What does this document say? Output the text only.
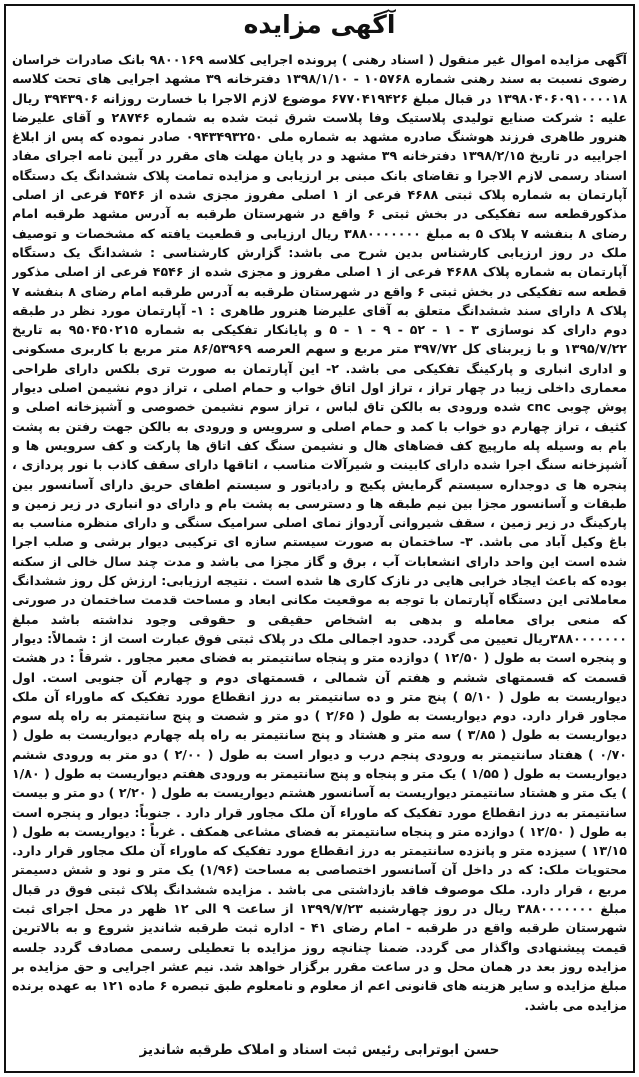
آگهی مزایده

آگهی مزایده اموال غیر منقول ( اسناد رهنی ) پرونده اجرایی کلاسه ۹۸۰۰۱۶۹ بانک صادرات خراسان رضوی نسبت به سند رهنی شماره ۱۰۵۷۶۸ - ۱۳۹۸/۱/۱۰ دفترخانه ۳۹ مشهد اجرایی های تحت کلاسه ۱۳۹۸۰۴۰۶۰۹۱۰۰۰۰۱۸ در قبال مبلغ ۶۷۷۰۴۱۹۴۲۶ موضوع لازم الاجرا با خسارت روزانه ۳۹۴۳۹۰۶ ریال علیه : شرکت صنایع تولیدی پلاستیک وفا پلاست شرق ثبت شده به شماره ۲۸۷۴۶ و آقای علیرضا هنرور طاهری فرزند هوشنگ صادره مشهد به شماره ملی ۰۹۴۳۴۹۳۲۵۰ صادر نموده که پس از ابلاغ اجراییه در تاریخ ۱۳۹۸/۲/۱۵ دفترخانه ۳۹ مشهد و در پایان مهلت های مقرر در آیین نامه اجرای مفاد اسناد رسمی لازم الاجرا و تقاضای بانک مبنی بر ارزیابی و مزایده تمامت پلاک ششدانگ یک دستگاه آپارتمان به شماره پلاک ثبتی ۴۶۸۸ فرعی از ۱ اصلی مفروز مجزی شده از ۴۵۴۶ فرعی از اصلی مذکورقطعه سه تفکیکی در بخش ثبتی ۶ واقع در شهرستان طرقبه به آدرس مشهد طرقبه امام رضای ۸ بنفشه ۷ پلاک ۵ به مبلغ ۳۸۸۰۰۰۰۰۰۰ ریال ارزیابی و قطعیت یافته که مشخصات و توصیف ملک در روز ارزیابی کارشناس بدین شرح می باشد: گزارش کارشناسی : ششدانگ یک دستگاه آپارتمان به شماره پلاک ۴۶۸۸ فرعی از ۱ اصلی مفروز و مجزی شده از ۴۵۴۶ فرعی از اصلی مذکور قطعه سه تفکیکی در بخش ثبتی ۶ واقع در شهرستان طرقبه به آدرس طرقبه امام رضای ۸ بنفشه ۷ پلاک ۸ دارای سند ششدانگ متعلق به آقای علیرضا هنرور طاهری : ۱- آپارتمان مورد نظر در طبقه دوم دارای کد نوسازی ۳ - ۱ - ۵۲ - ۹ - ۱ - ۵ و پایانکار تفکیکی به شماره ۹۵۰۴۵۰۲۱۵ به تاریخ ۱۳۹۵/۷/۲۲ و با زیربنای کل ۳۹۷/۷۲ متر مربع و سهم العرصه ۸۶/۵۳۹۶۹ متر مربع با کاربری مسکونی و اداری انباری و پارکینگ تفکیکی می باشد. ۲- این آپارتمان به صورت تری بلکس دارای طراحی معماری داخلی زیبا در چهار تراز ، تراز اول اتاق خواب و حمام اصلی ، تراز دوم نشیمن اصلی دیوار پوش چوبی cnc شده ورودی به بالکن تاق لباس ، تراز سوم نشیمن خصوصی و آشپزخانه اصلی و کثیف ، تراز چهارم دو خواب با کمد و حمام اصلی و سرویس و ورودی به بالکن جهت رفتن به پشت بام به وسیله پله مارپیچ کف فضاهای هال و نشیمن سنگ کف اتاق ها پارکت و کف سرویس ها و آشپزخانه سنگ اجرا شده دارای کابینت و شیرآلات مناسب ، اتاقها دارای سقف کاذب با نور پردازی ، پنجره ها ی دوجداره سیستم گرمایش پکیج و رادیاتور و سیستم اطفای حریق دارای آسانسور بین طبقات و آسانسور مجزا بین نیم طبقه ها و دسترسی به پشت بام و دارای دو انباری در زیر زمین و پارکینگ در زیر زمین ، سقف شیروانی آردواز نمای اصلی سرامیک سنگی و دارای منظره مناسب به باغ وکیل آباد می باشد. ۳- ساختمان به صورت سیستم سازه ای ترکیبی دیوار برشی و صلب اجرا شده است این واحد دارای انشعابات آب ، برق و گاز مجزا می باشد و مدت چند سال خالی از سکنه بوده که باعث ایجاد خرابی هایی در نازک کاری ها شده است . نتیجه ارزیابی: ارزش کل روز ششدانگ معاملاتی این دستگاه آپارتمان با توجه به موقعیت مکانی ابعاد و مساحت قدمت ساختمان در صورتی که منعی برای معامله و بدهی به اشخاص حقیقی و حقوقی وجود نداشته باشد مبلغ ۳۸۸۰۰۰۰۰۰۰ریال تعیین می گردد. حدود اجمالی ملک در پلاک ثبتی فوق عبارت است از : شمالاً: دیوار و پنجره است به طول ( ۱۲/۵۰ ) دوازده متر و پنجاه سانتیمتر به فضای معبر مجاور . شرقاً : در هشت قسمت که قسمتهای ششم و هفتم آن شمالی ، قسمتهای دوم و چهارم آن جنوبی است. اول دیواریست به طول ( ۵/۱۰ ) پنج متر و ده سانتیمتر به درز انقطاع مورد تفکیک که ماوراء آن ملک مجاور قرار دارد. دوم دیواریست به طول ( ۲/۶۵ ) دو متر و شصت و پنج سانتیمتر به راه پله سوم دیواریست به طول ( ۳/۸۵ ) سه متر و هشتاد و پنج سانتیمتر به راه پله چهارم دیواریست به طول ( ۰/۷۰ ) هفتاد سانتیمتر به ورودی پنجم درب و دیوار است به طول ( ۲/۰۰ ) دو متر به ورودی ششم دیواریست به طول ( ۱/۵۵ ) یک متر و پنجاه و پنج سانتیمتر به ورودی هفتم دیواریست به طول ( ۱/۸۰ ) یک متر و هشتاد سانتیمتر دیواریست به آسانسور هشتم دیواریست به طول ( ۲/۲۰ ) دو متر و بیست سانتیمتر به درز انقطاع مورد تفکیک که ماوراء آن ملک مجاور قرار دارد . جنوباً: دیوار و پنجره است به طول ( ۱۲/۵۰ ) دوازده متر و پنجاه سانتیمتر به فضای مشاعی همکف . غرباً : دیواریست به طول ( ۱۳/۱۵ ) سیزده متر و پانزده سانتیمتر به درز انقطاع مورد تفکیک که ماوراء آن ملک مجاور قرار دارد. محتویات ملک: که در داخل آن آسانسور اختصاصی به مساحت (۱/۹۶) یک متر و نود و شش دسیمتر مربع ، قرار دارد. ملک موصوف فاقد بازداشتی می باشد . مزایده ششدانگ پلاک ثبتی فوق در قبال مبلغ ۳۸۸۰۰۰۰۰۰۰ ریال در روز چهارشنبه ۱۳۹۹/۷/۲۳ از ساعت ۹ الی ۱۲ ظهر در محل اجرای ثبت شهرستان طرقبه واقع در طرقبه - امام رضای ۴۱ - اداره ثبت طرقبه شاندیز شروع و به بالاترین قیمت پیشنهادی واگذار می گردد. ضمنا چنانچه روز مزایده با تعطیلی رسمی مصادف گردد جلسه مزایده روز بعد در همان محل و در ساعت مقرر برگزار خواهد شد. نیم عشر اجرایی و حق مزایده بر مبلغ مزایده و سایر هزینه های قانونی اعم از معلوم و نامعلوم طبق تبصره ۶ ماده ۱۲۱ به عهده برنده مزایده می باشد.

حسن ابوترابی رئیس ثبت اسناد و املاک طرقبه شاندیز
